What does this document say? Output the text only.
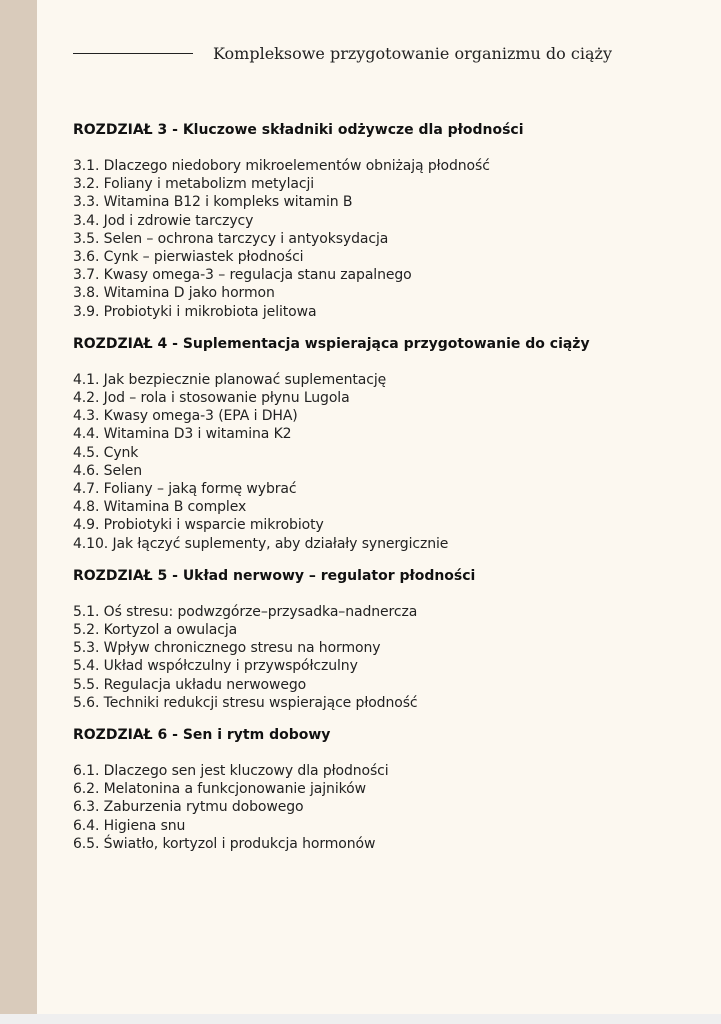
Kompleksowe przygotowanie organizmu do ciąży
ROZDZIAŁ 3 - Kluczowe składniki odżywcze dla płodności
3.1. Dlaczego niedobory mikroelementów obniżają płodność
3.2. Foliany i metabolizm metylacji
3.3. Witamina B12 i kompleks witamin B
3.4. Jod i zdrowie tarczycy
3.5. Selen – ochrona tarczycy i antyoksydacja
3.6. Cynk – pierwiastek płodności
3.7. Kwasy omega-3 – regulacja stanu zapalnego
3.8. Witamina D jako hormon
3.9. Probiotyki i mikrobiota jelitowa
ROZDZIAŁ 4 - Suplementacja wspierająca przygotowanie do ciąży
4.1. Jak bezpiecznie planować suplementację
4.2. Jod – rola i stosowanie płynu Lugola
4.3. Kwasy omega-3 (EPA i DHA)
4.4. Witamina D3 i witamina K2
4.5. Cynk
4.6. Selen
4.7. Foliany – jaką formę wybrać
4.8. Witamina B complex
4.9. Probiotyki i wsparcie mikrobioty
4.10. Jak łączyć suplementy, aby działały synergicznie
ROZDZIAŁ 5 - Układ nerwowy – regulator płodności
5.1. Oś stresu: podwzgórze–przysadka–nadnercza
5.2. Kortyzol a owulacja
5.3. Wpływ chronicznego stresu na hormony
5.4. Układ współczulny i przywspółczulny
5.5. Regulacja układu nerwowego
5.6. Techniki redukcji stresu wspierające płodność
ROZDZIAŁ 6 - Sen i rytm dobowy
6.1. Dlaczego sen jest kluczowy dla płodności
6.2. Melatonina a funkcjonowanie jajników
6.3. Zaburzenia rytmu dobowego
6.4. Higiena snu
6.5. Światło, kortyzol i produkcja hormonów
